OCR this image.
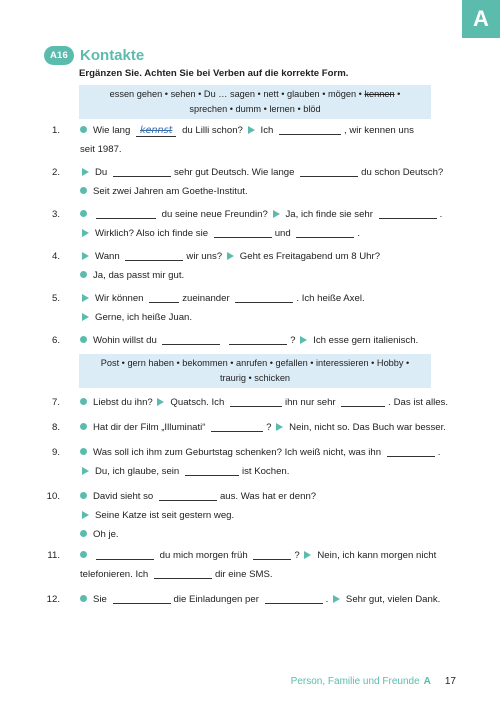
A
A16 Kontakte
Ergänzen Sie. Achten Sie bei Verben auf die korrekte Form.
essen gehen • sehen • Du … sagen • nett • glauben • mögen • kennen •
sprechen • dumm • lernen • blöd
1.	Wie lang kennst du Lilli schon? Ich	, wir kennen uns
seit 1987.
2.	Du	sehr gut Deutsch. Wie lange	du schon Deutsch?
Seit zwei Jahren am Goethe-Institut.
3.	du seine neue Freundin? Ja, ich finde sie sehr	.
Wirklich? Also ich finde sie	und	.
4.	Wann	wir uns? Geht es Freitagabend um 8 Uhr?
Ja, das passt mir gut.
5.	Wir können	zueinander	. Ich heiße Axel.
Gerne, ich heiße Juan.
6.	Wohin willst du	? Ich esse gern italienisch.
Post • gern haben • bekommen • anrufen • gefallen • interessieren • Hobby •
traurig • schicken
7.	Liebst du ihn? Quatsch. Ich	ihn nur sehr	. Das ist alles.
8.	Hat dir der Film „Illuminati“	? Nein, nicht so. Das Buch war besser.
9.	Was soll ich ihm zum Geburtstag schenken? Ich weiß nicht, was ihn	.
Du, ich glaube, sein	ist Kochen.
10.	David sieht so	aus. Was hat er denn?
Seine Katze ist seit gestern weg.
Oh je.
11.	du mich morgen früh	? Nein, ich kann morgen nicht
telefonieren. Ich	dir eine SMS.
12.	Sie	die Einladungen per	. Sehr gut, vielen Dank.
Person, Familie und Freunde A 17
